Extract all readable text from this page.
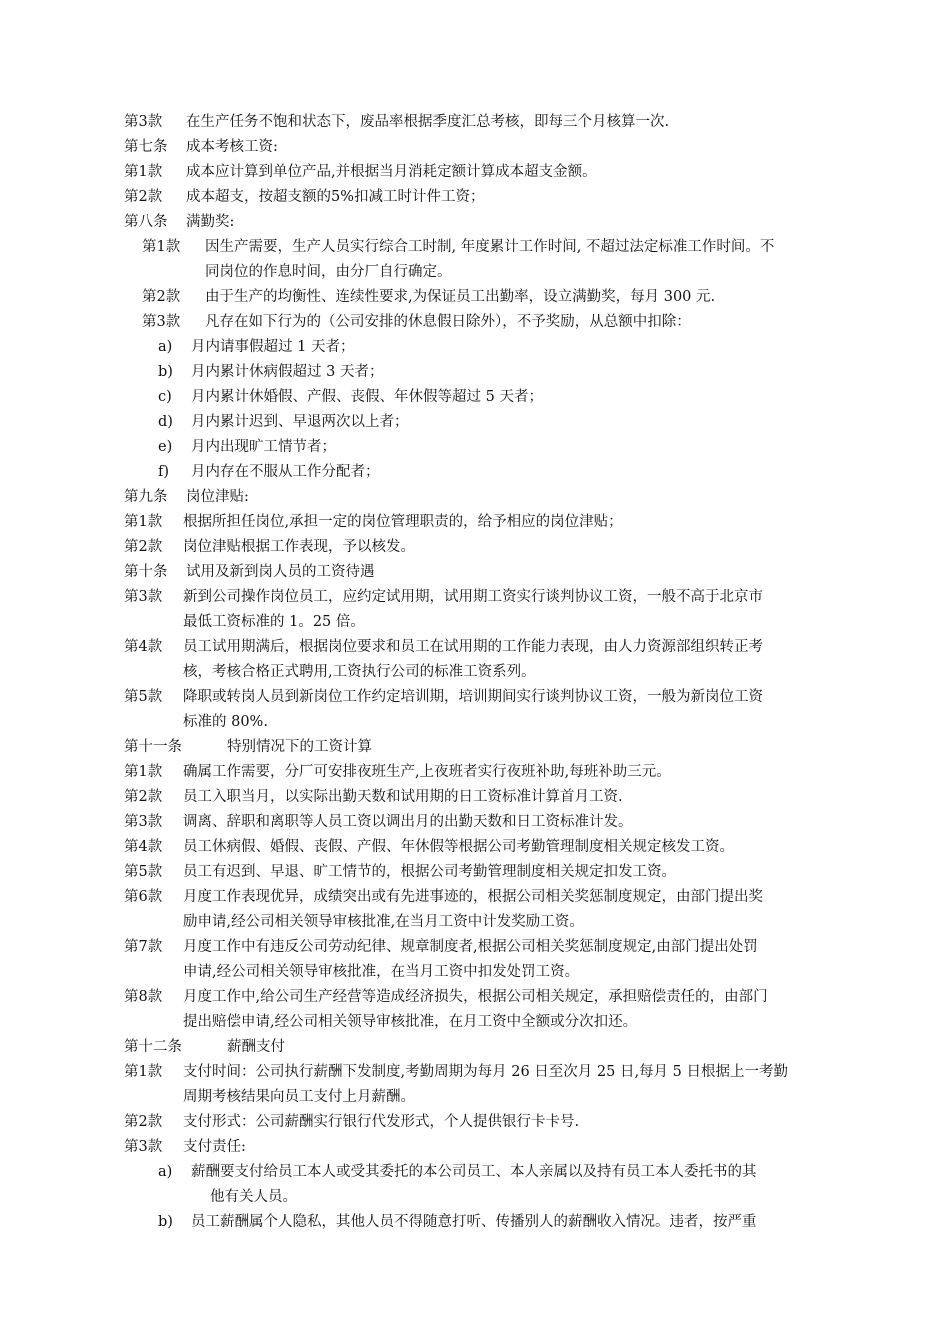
第3款 在生产任务不饱和状态下，废品率根据季度汇总考核，即每三个月核算一次.
第七条 成本考核工资:
第1款 成本应计算到单位产品,并根据当月消耗定额计算成本超支金额。
第2款 成本超支，按超支额的5%扣减工时计件工资；
第八条 满勤奖:
第1款 因生产需要，生产人员实行综合工时制, 年度累计工作时间, 不超过法定标准工作时间。不
同岗位的作息时间，由分厂自行确定。
第2款 由于生产的均衡性、连续性要求,为保证员工出勤率，设立满勤奖，每月 300 元.
第3款 凡存在如下行为的（公司安排的休息假日除外），不予奖励，从总额中扣除：
a) 月内请事假超过 1 天者；
b) 月内累计休病假超过 3 天者；
c) 月内累计休婚假、产假、丧假、年休假等超过 5 天者；
d) 月内累计迟到、早退两次以上者；
e) 月内出现旷工情节者；
f) 月内存在不服从工作分配者；
第九条 岗位津贴:
第1款 根据所担任岗位,承担一定的岗位管理职责的，给予相应的岗位津贴；
第2款 岗位津贴根据工作表现，予以核发。
第十条 试用及新到岗人员的工资待遇
第3款 新到公司操作岗位员工，应约定试用期，试用期工资实行谈判协议工资，一般不高于北京市
最低工资标准的 1。25 倍。
第4款 员工试用期满后，根据岗位要求和员工在试用期的工作能力表现，由人力资源部组织转正考
核，考核合格正式聘用,工资执行公司的标准工资系列。
第5款 降职或转岗人员到新岗位工作约定培训期，培训期间实行谈判协议工资，一般为新岗位工资
标准的 80%.
第十一条	特别情况下的工资计算
第1款 确属工作需要，分厂可安排夜班生产,上夜班者实行夜班补助,每班补助三元。
第2款 员工入职当月，以实际出勤天数和试用期的日工资标准计算首月工资.
第3款 调离、辞职和离职等人员工资以调出月的出勤天数和日工资标准计发。
第4款 员工休病假、婚假、丧假、产假、年休假等根据公司考勤管理制度相关规定核发工资。
第5款 员工有迟到、早退、旷工情节的，根据公司考勤管理制度相关规定扣发工资。
第6款 月度工作表现优异，成绩突出或有先进事迹的，根据公司相关奖惩制度规定，由部门提出奖
励申请,经公司相关领导审核批准,在当月工资中计发奖励工资。
第7款 月度工作中有违反公司劳动纪律、规章制度者,根据公司相关奖惩制度规定,由部门提出处罚
申请,经公司相关领导审核批准，在当月工资中扣发处罚工资。
第8款 月度工作中,给公司生产经营等造成经济损失，根据公司相关规定，承担赔偿责任的，由部门
提出赔偿申请,经公司相关领导审核批准，在月工资中全额或分次扣还。
第十二条	薪酬支付
第1款 支付时间：公司执行薪酬下发制度,考勤周期为每月 26 日至次月 25 日,每月 5 日根据上一考勤
周期考核结果向员工支付上月薪酬。
第2款 支付形式：公司薪酬实行银行代发形式，个人提供银行卡卡号.
第3款 支付责任:
a) 薪酬要支付给员工本人或受其委托的本公司员工、本人亲属以及持有员工本人委托书的其
他有关人员。
b) 员工薪酬属个人隐私，其他人员不得随意打听、传播别人的薪酬收入情况。违者，按严重
